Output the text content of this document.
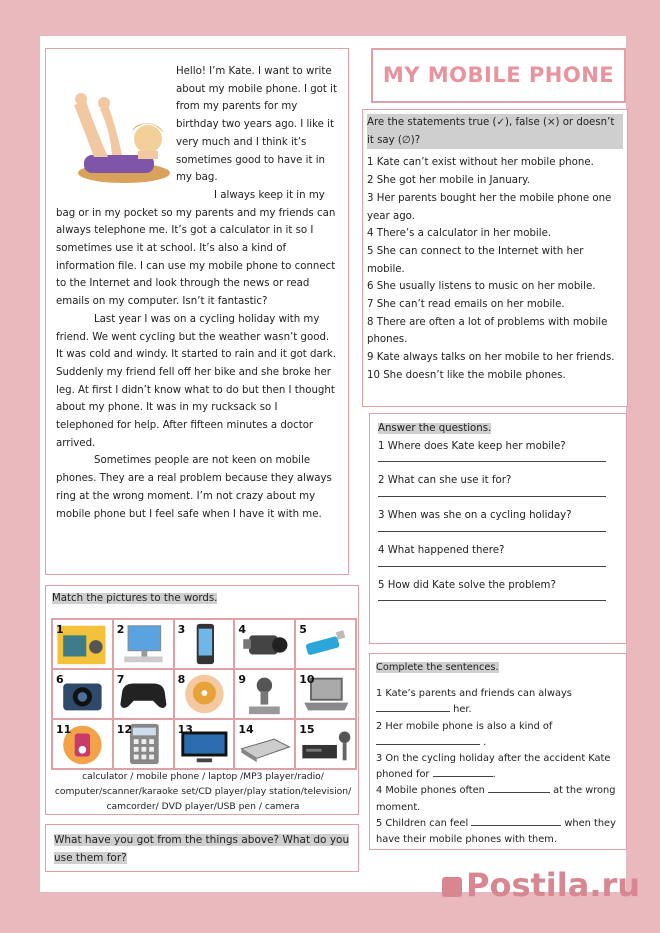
Hello! I’m Kate. I want to write about my mobile phone. I got it from my parents for my birthday two years ago. I like it very much and I think it’s sometimes good to have it in my bag.

I always keep it in my bag or in my pocket so my parents and my friends can always telephone me. It’s got a calculator in it so I sometimes use it at school. It’s also a kind of information file. I can use my mobile phone to connect to the Internet and look through the news or read emails on my computer. Isn’t it fantastic?

Last year I was on a cycling holiday with my friend. We went cycling but the weather wasn’t good. It was cold and windy. It started to rain and it got dark. Suddenly my friend fell off her bike and she broke her leg. At first I didn’t know what to do but then I thought about my phone. It was in my rucksack so I telephoned for help. After fifteen minutes a doctor arrived.

Sometimes people are not keen on mobile phones. They are a real problem because they always ring at the wrong moment. I’m not crazy about my mobile phone but I feel safe when I have it with me.

MY MOBILE PHONE
Are the statements true (✓), false (×) or doesn’t it say (∅)?
1 Kate can’t exist without her mobile phone.
2 She got her mobile in January.
3 Her parents bought her the mobile phone one year ago.
4 There’s a calculator in her mobile.
5 She can connect to the Internet with her mobile.
6 She usually listens to music on her mobile.
7 She can’t read emails on her mobile.
8 There are often a lot of problems with mobile phones.
9 Kate always talks on her mobile to her friends.
10 She doesn’t like the mobile phones.
Answer the questions.
1 Where does Kate keep her mobile?
2 What can she use it for?
3 When was she on a cycling holiday?
4 What happened there?
5 How did Kate solve the problem?
Complete the sentences.
1 Kate’s parents and friends can always
her.
2 Her mobile phone is also a kind of
.
3 On the cycling holiday after the accident Kate phoned for	.
4 Mobile phones often	at the wrong moment.
5 Children can feel	when they have their mobile phones with them.
Match the pictures to the words.
1	2	3	4	5
6	7	8	9	10
11	12	13	14	15
calculator / mobile phone / laptop /MP3 player/radio/ computer/scanner/karaoke set/CD player/play station/television/ camcorder/ DVD player/USB pen / camera
What have you got from the things above? What do you use them for?
Postila.ru
